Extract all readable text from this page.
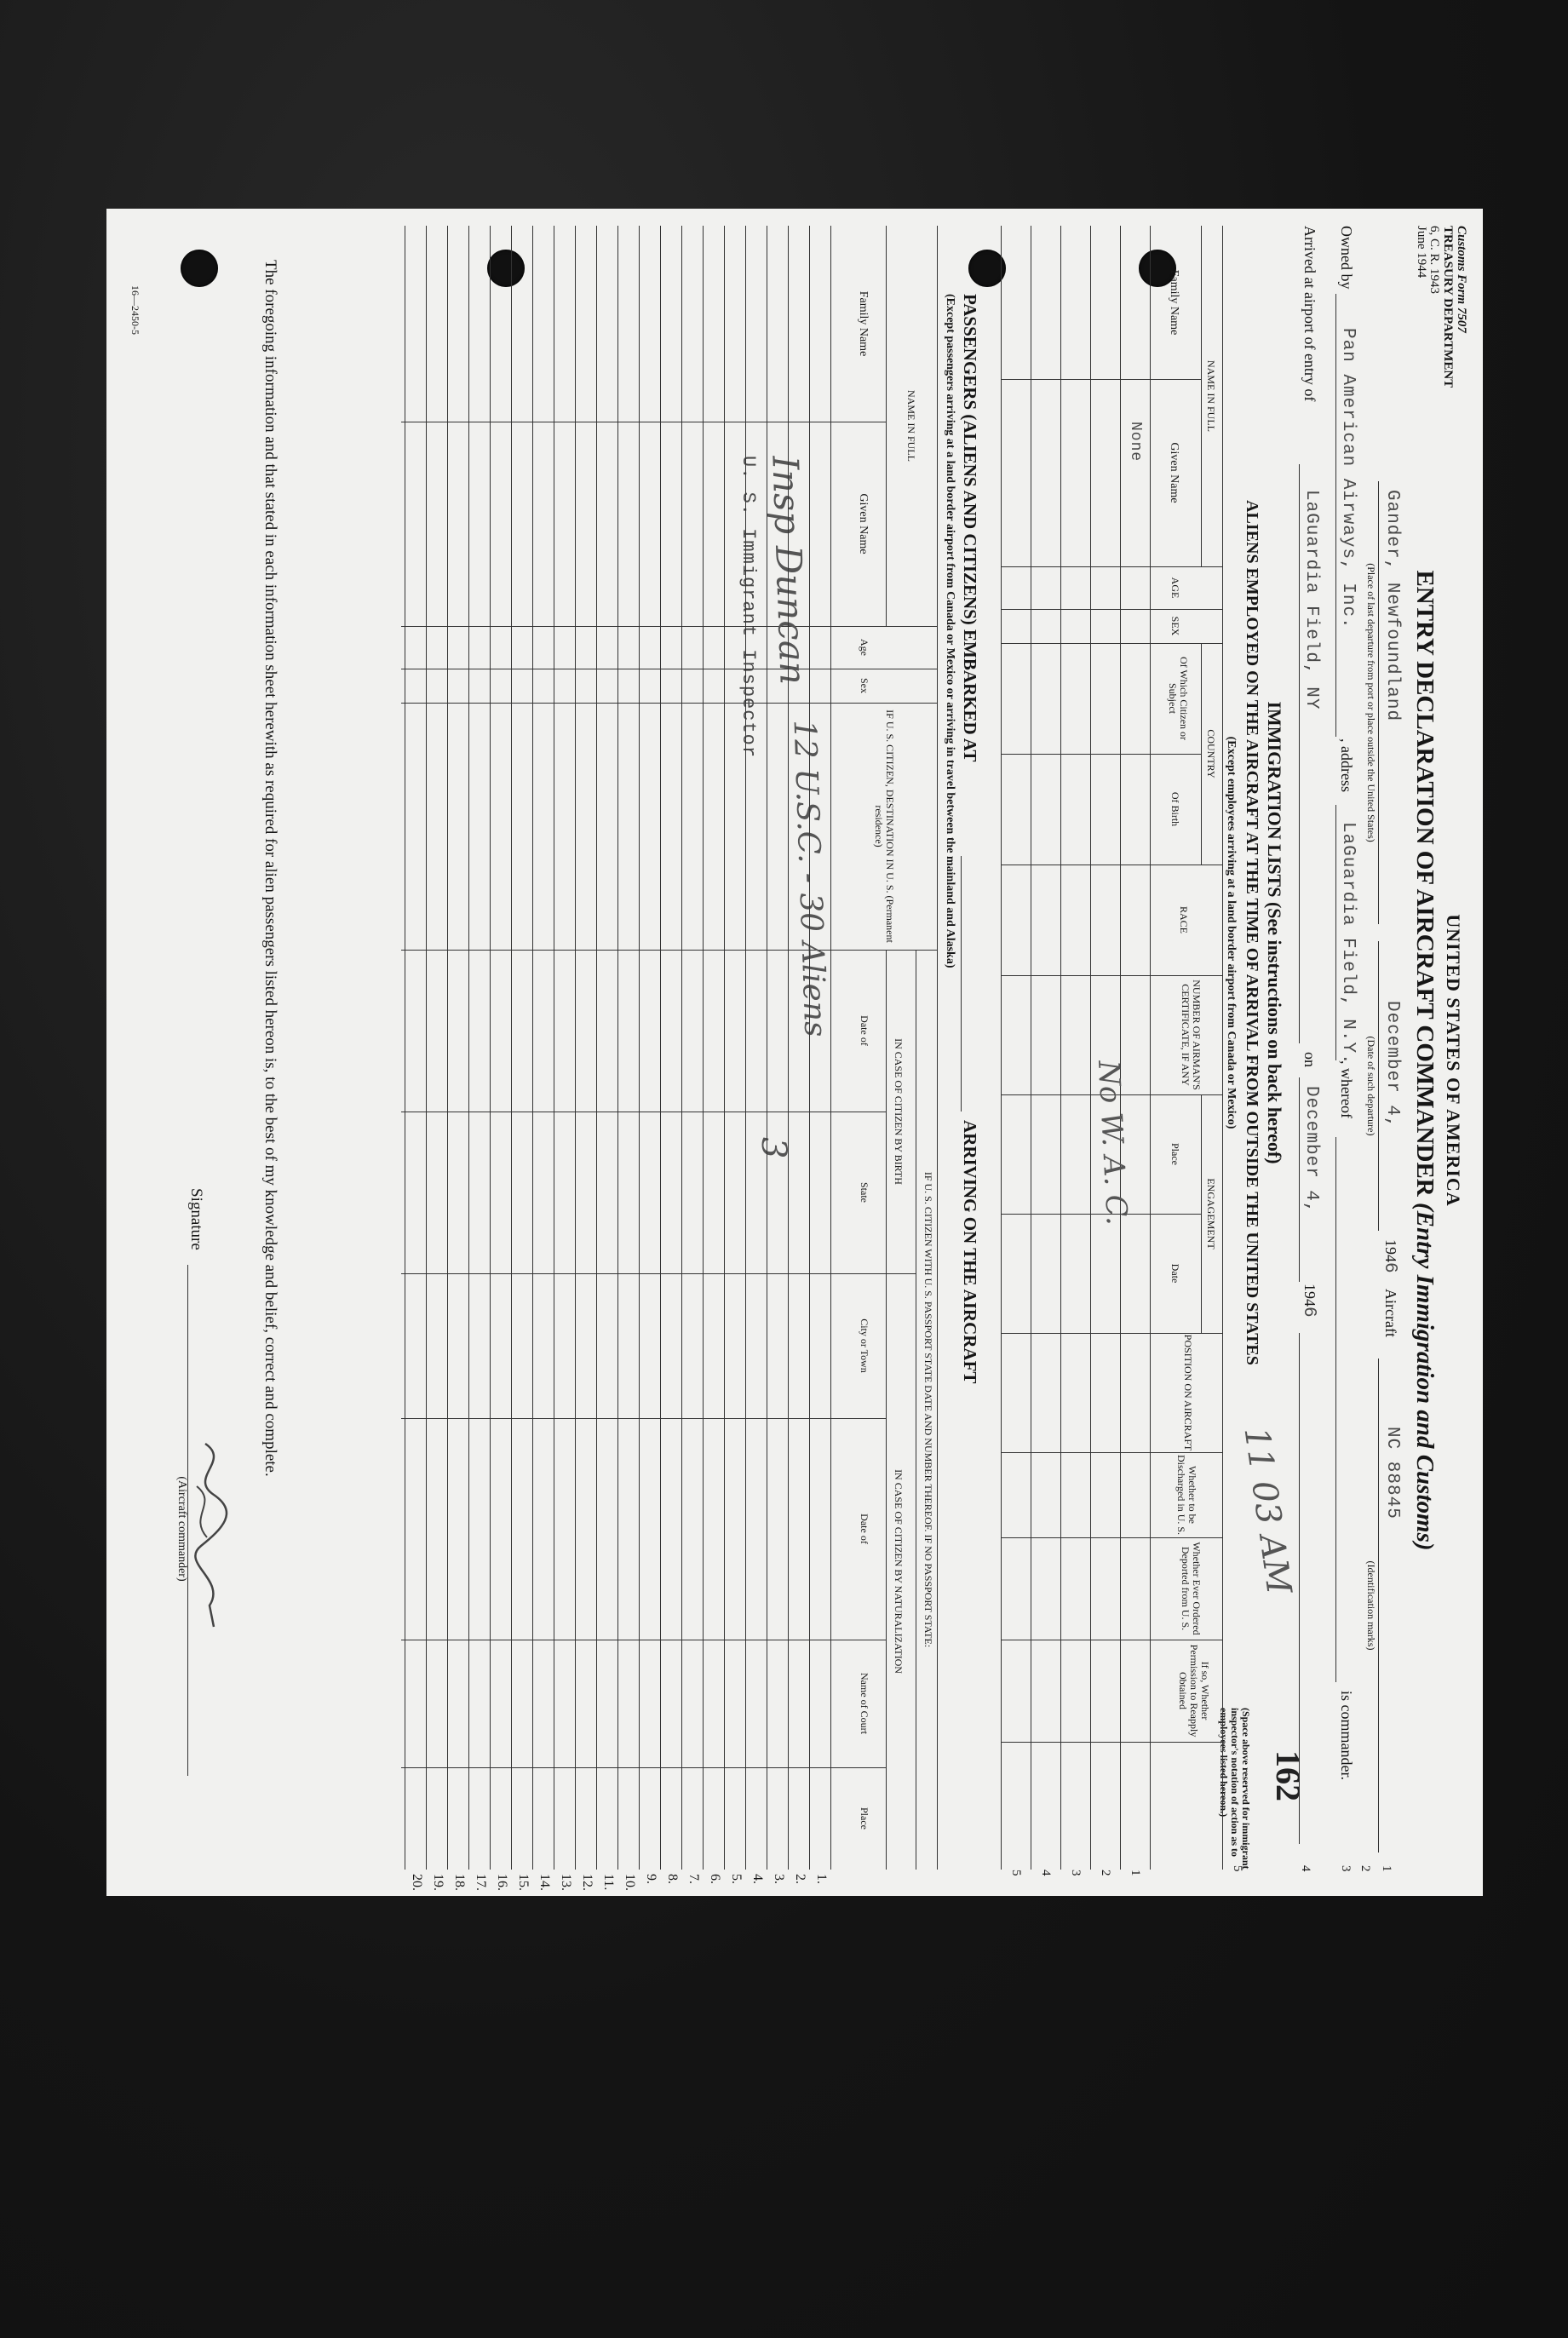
Customs Form 7507
TREASURY DEPARTMENT
6, C. R. 1943
June 1944
UNITED STATES OF AMERICA
ENTRY DECLARATION OF AIRCRAFT COMMANDER (Entry Immigration and Customs)
Gander, Newfoundland
(Place of last departure from port or place outside the United States)
December 4,
(Date of such departure)
1946
Aircraft
NC 88845
(Identification marks)
1
2
Owned by
Pan American Airways, Inc.
, address
LaGuardia Field, N.Y.
, whereof
is commander.
3
Arrived at airport of entry of
LaGuardia Field, NY
on
December 4,
1946
4
IMMIGRATION LISTS (See instructions on back hereof)
ALIENS EMPLOYED ON THE AIRCRAFT AT THE TIME OF ARRIVAL FROM OUTSIDE THE UNITED STATES
(Except employees arriving at a land border airport from Canada or Mexico)
11 03 AM
5
(Space above reserved for immigrant inspector's notation of action as to employees listed hereon.)	162
NAME IN FULL
Family Name
Given Name
AGE
SEX
COUNTRY
Of Which Citizen or Subject
Of Birth
RACE
NUMBER OF AIRMAN'S CERTIFICATE, IF ANY
ENGAGEMENT
Place
Date
POSITION ON AIRCRAFT
Whether to be Discharged in U. S.
Whether Ever Ordered Deported from U. S.
If so, Whether Permission to Reapply Obtained
None
No W. A. C.
1
2
3
4
5
PASSENGERS (ALIENS AND CITIZENS) EMBARKED AT
ARRIVING ON THE AIRCRAFT
(Except passengers arriving at a land border airport from Canada or Mexico or arriving in travel between the mainland and Alaska)
NAME IN FULL
Family Name
Given Name
Age
Sex
IF U. S. CITIZEN, DESTINATION IN U. S. (Permanent residence)
IF U. S. CITIZEN WITH U. S. PASSPORT STATE DATE AND NUMBER THEREOF. IF NO PASSPORT STATE:
IN CASE OF CITIZEN BY BIRTH
IN CASE OF CITIZEN BY NATURALIZATION
Date of
State
City or Town
Date of
Name of Court
Place
Insp Duncan
12 U.S.C. - 30 Aliens
U. S. Immigrant Inspector
3
The foregoing information and that stated in each information sheet herewith as required for alien passengers listed hereon is, to the best of my knowledge and belief, correct and complete.
Signature
(Aircraft commander)
16—2450-5
1.
2.
3.
4.
5.
6.
7.
8.
9.
10.
11.
12.
13.
14.
15.
16.
17.
18.
19.
20.
